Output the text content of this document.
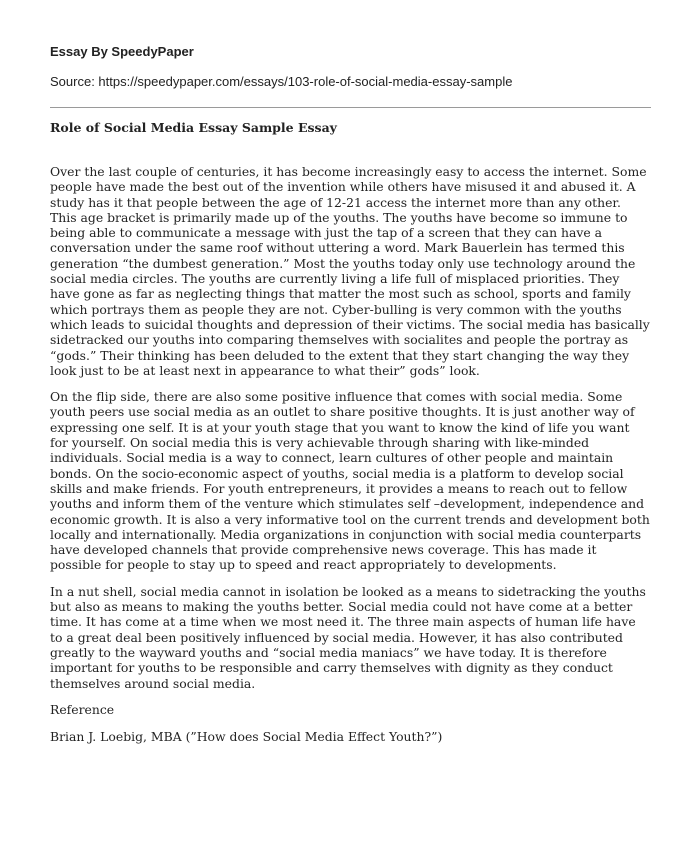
Essay By SpeedyPaper

Source: https://speedypaper.com/essays/103-role-of-social-media-essay-sample

Role of Social Media Essay Sample Essay

Over the last couple of centuries, it has become increasingly easy to access the internet. Some people have made the best out of the invention while others have misused it and abused it. A study has it that people between the age of 12-21 access the internet more than any other. This age bracket is primarily made up of the youths. The youths have become so immune to being able to communicate a message with just the tap of a screen that they can have a conversation under the same roof without uttering a word. Mark Bauerlein has termed this generation “the dumbest generation.” Most the youths today only use technology around the social media circles. The youths are currently living a life full of misplaced priorities. They have gone as far as neglecting things that matter the most such as school, sports and family which portrays them as people they are not. Cyber-bulling is very common with the youths which leads to suicidal thoughts and depression of their victims. The social media has basically sidetracked our youths into comparing themselves with socialites and people the portray as “gods.” Their thinking has been deluded to the extent that they start changing the way they look just to be at least next in appearance to what their” gods” look.

On the flip side, there are also some positive influence that comes with social media. Some youth peers use social media as an outlet to share positive thoughts. It is just another way of expressing one self. It is at your youth stage that you want to know the kind of life you want for yourself. On social media this is very achievable through sharing with like-minded individuals. Social media is a way to connect, learn cultures of other people and maintain bonds. On the socio-economic aspect of youths, social media is a platform to develop social skills and make friends. For youth entrepreneurs, it provides a means to reach out to fellow youths and inform them of the venture which stimulates self –development, independence and economic growth. It is also a very informative tool on the current trends and development both locally and internationally. Media organizations in conjunction with social media counterparts have developed channels that provide comprehensive news coverage. This has made it possible for people to stay up to speed and react appropriately to developments.

In a nut shell, social media cannot in isolation be looked as a means to sidetracking the youths but also as means to making the youths better. Social media could not have come at a better time. It has come at a time when we most need it. The three main aspects of human life have to a great deal been positively influenced by social media. However, it has also contributed greatly to the wayward youths and “social media maniacs” we have today. It is therefore important for youths to be responsible and carry themselves with dignity as they conduct themselves around social media.

Reference

Brian J. Loebig, MBA (”How does Social Media Effect Youth?”)
